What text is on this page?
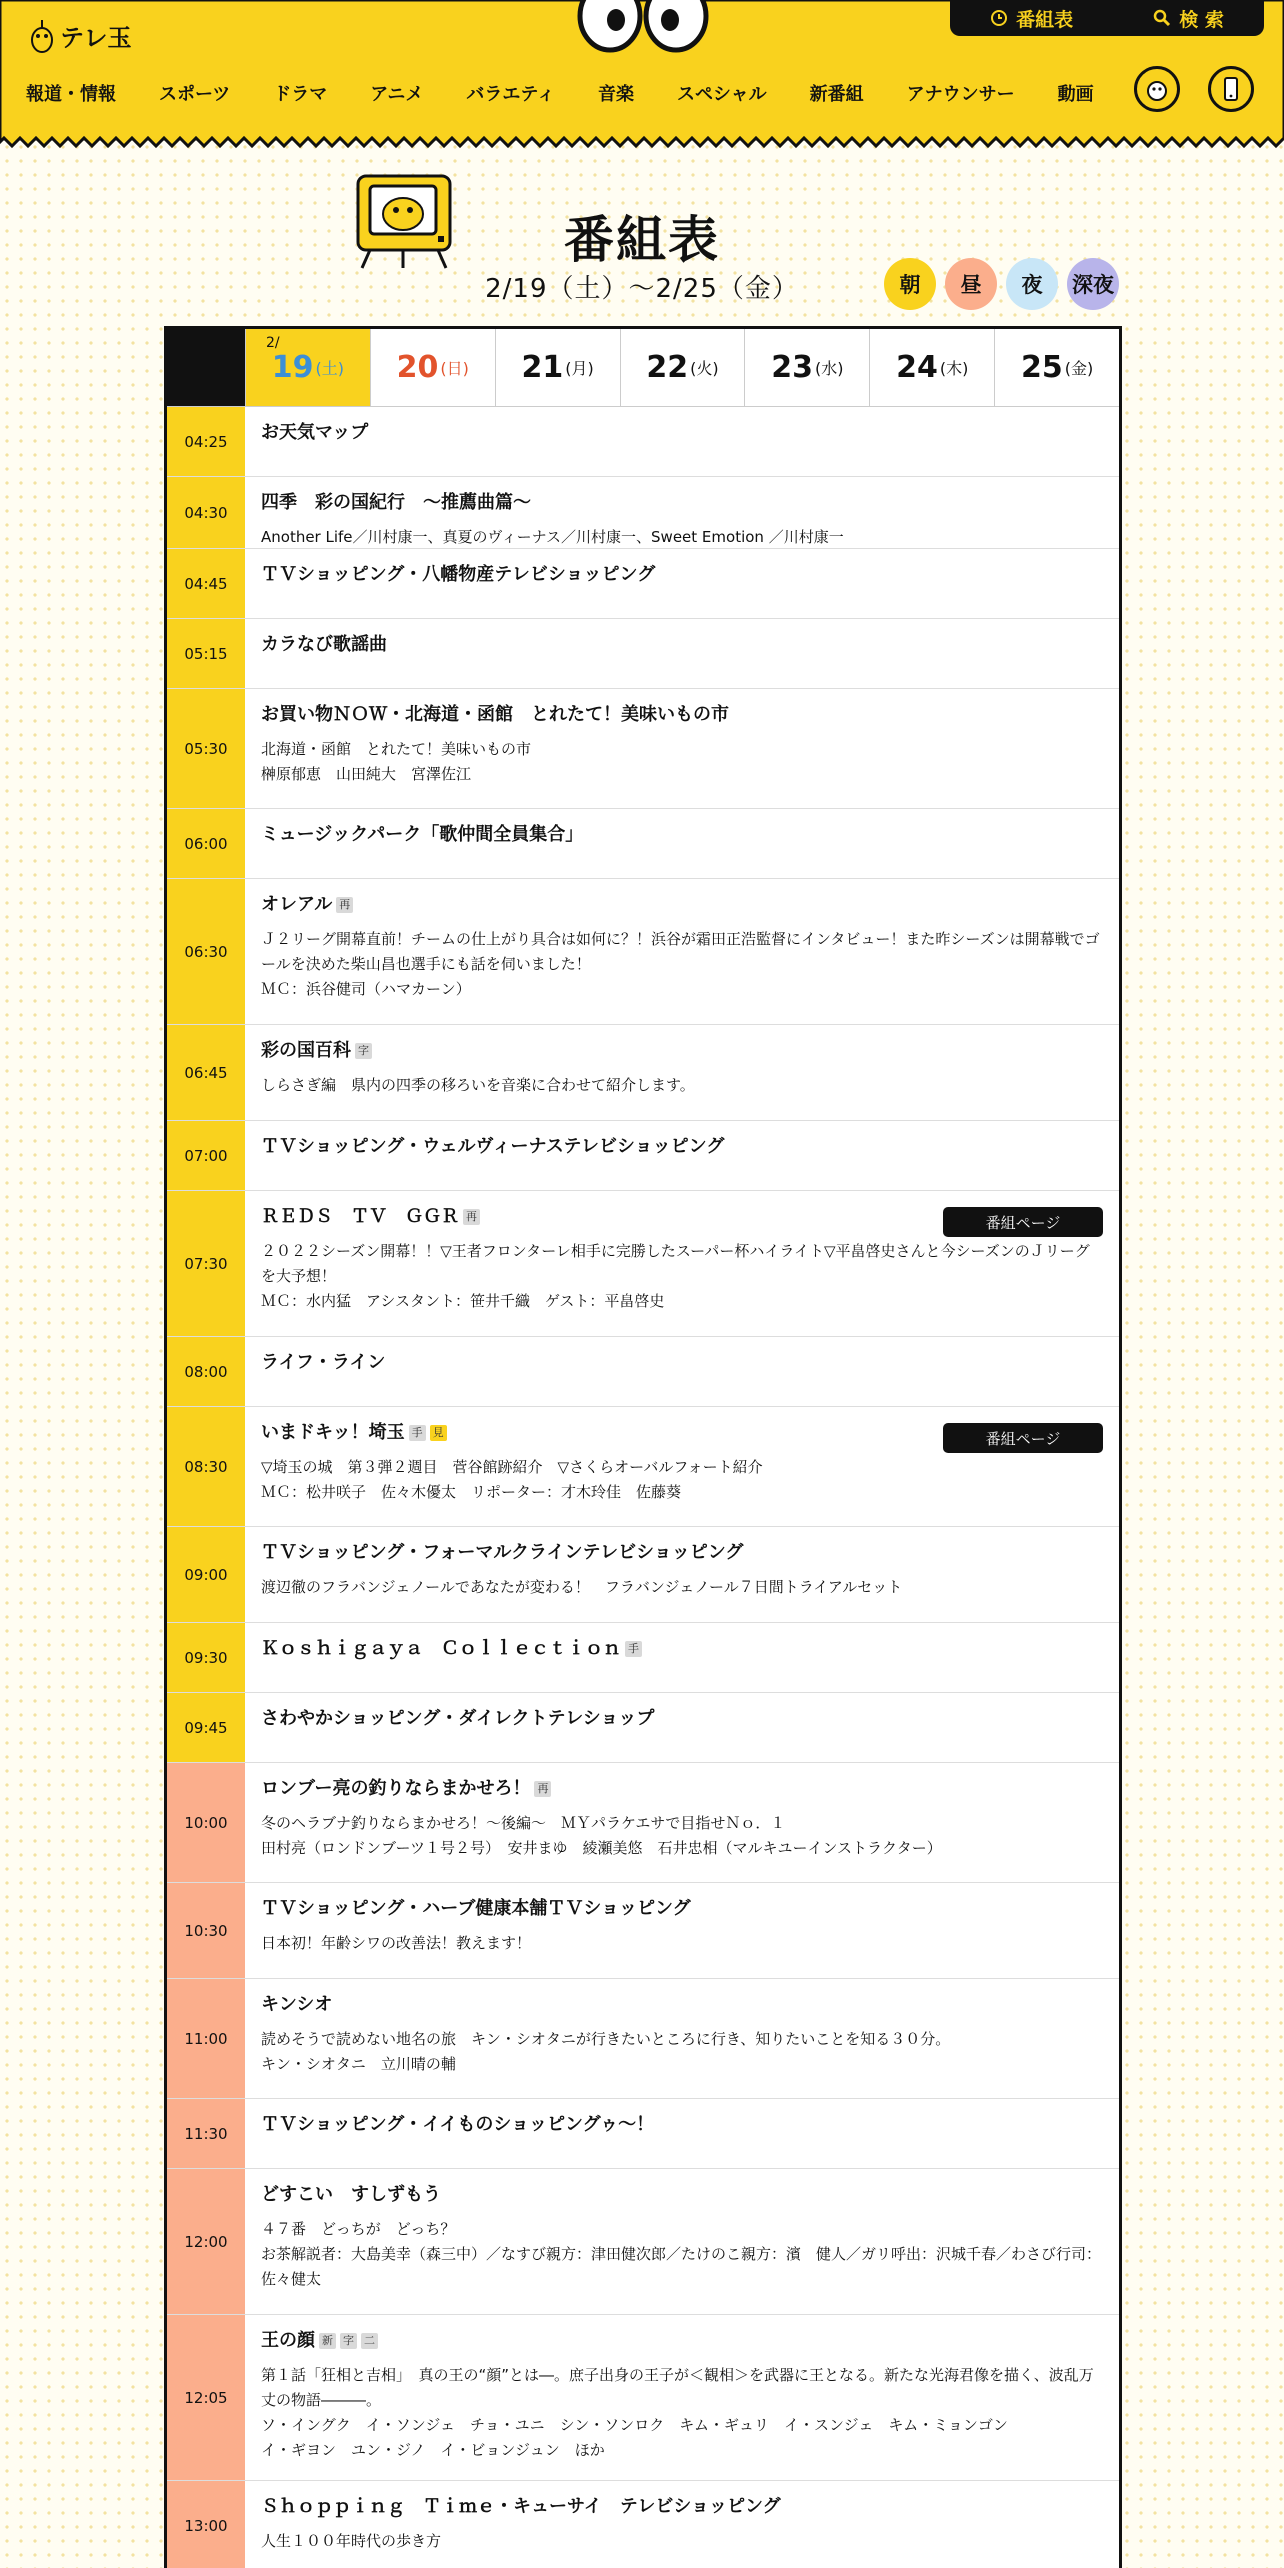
テレ玉
番組表	検 索
報道・情報 スポーツ ドラマ アニメ バラエティ 音楽 スペシャル 新番組 アナウンサー 動画
番組表
2/19（土）〜2/25（金）	朝	昼	夜	深夜
2/
19 (土) 20 (日) 21 (月) 22 (火) 23 (水) 24 (木) 25 (金)
04:25	お天気マップ
04:30	四季　彩の国紀行　～推薦曲篇～
Another Life／川村康一、真夏のヴィーナス／川村康一、Sweet Emotion ／川村康一
04:45	ＴＶショッピング・八幡物産テレビショッピング
05:15	カラなび歌謡曲
05:30
お買い物ＮＯＷ・北海道・函館　とれたて！美味いもの市
北海道・函館　とれたて！美味いもの市
榊原郁恵　山田純大　宮澤佐江
06:00	ミュージックパーク「歌仲間全員集合」
06:30
オレアル 再
Ｊ２リーグ開幕直前！チームの仕上がり具合は如何に？！浜谷が霜田正浩監督にインタビュー！また昨シーズンは開幕戦でゴールを決めた柴山昌也選手にも話を伺いました！
ＭＣ：浜谷健司（ハマカーン）
06:45
彩の国百科 字
しらさぎ編　県内の四季の移ろいを音楽に合わせて紹介します。
07:00	ＴＶショッピング・ウェルヴィーナステレビショッピング
07:30
ＲＥＤＳ　ＴＶ　ＧＧＲ 再
２０２２シーズン開幕！！▽王者フロンターレ相手に完勝したスーパー杯ハイライト▽平畠啓史さんと今シーズンのＪリーグを大予想！
ＭＣ：水内猛　アシスタント：笹井千織　ゲスト：平畠啓史
番組ページ
08:00	ライフ・ライン
08:30
いまドキッ！埼玉 手 見
▽埼玉の城　第３弾２週目　菅谷館跡紹介　▽さくらオーバルフォート紹介
ＭＣ：松井咲子　佐々木優太　リポーター：才木玲佳　佐藤葵
番組ページ
09:00
ＴＶショッピング・フォーマルクラインテレビショッピング
渡辺徹のフラバンジェノールであなたが変わる！　フラバンジェノール７日間トライアルセット
09:30	Ｋｏｓｈｉｇａｙａ　Ｃｏｌｌｅｃｔｉｏｎ 手
09:45	さわやかショッピング・ダイレクトテレショップ
10:00
ロンブー亮の釣りならまかせろ！ 再
冬のヘラブナ釣りならまかせろ！～後編～　ＭＹパラケエサで目指せＮｏ．１
田村亮（ロンドンブーツ１号２号）　安井まゆ　綾瀬美悠　石井忠相（マルキユーインストラクター）
10:30
ＴＶショッピング・ハーブ健康本舗ＴＶショッピング
日本初！年齢シワの改善法！教えます！
11:00
キンシオ
読めそうで読めない地名の旅　キン・シオタニが行きたいところに行き、知りたいことを知る３０分。
キン・シオタニ　立川晴の輔
11:30	ＴＶショッピング・イイものショッピングゥ～！
12:00
どすこい　すしずもう
４７番　どっちが　どっち？
お茶解説者：大島美幸（森三中）／なすび親方：津田健次郎／たけのこ親方：濱　健人／ガリ呼出：沢城千春／わさび行司：佐々健太
12:05
王の顔 新 字 二
第１話「狂相と吉相」　真の王の“顔”とは―。庶子出身の王子が＜観相＞を武器に王となる。新たな光海君像を描く、波乱万丈の物語―――。
ソ・イングク　イ・ソンジェ　チョ・ユニ　シン・ソンロク　キム・ギュリ　イ・スンジェ　キム・ミョンゴン
イ・ギヨン　ユン・ジノ　イ・ビョンジュン　ほか
13:00
Ｓｈｏｐｐｉｎｇ　Ｔｉｍｅ・キューサイ　テレビショッピング
人生１００年時代の歩き方
